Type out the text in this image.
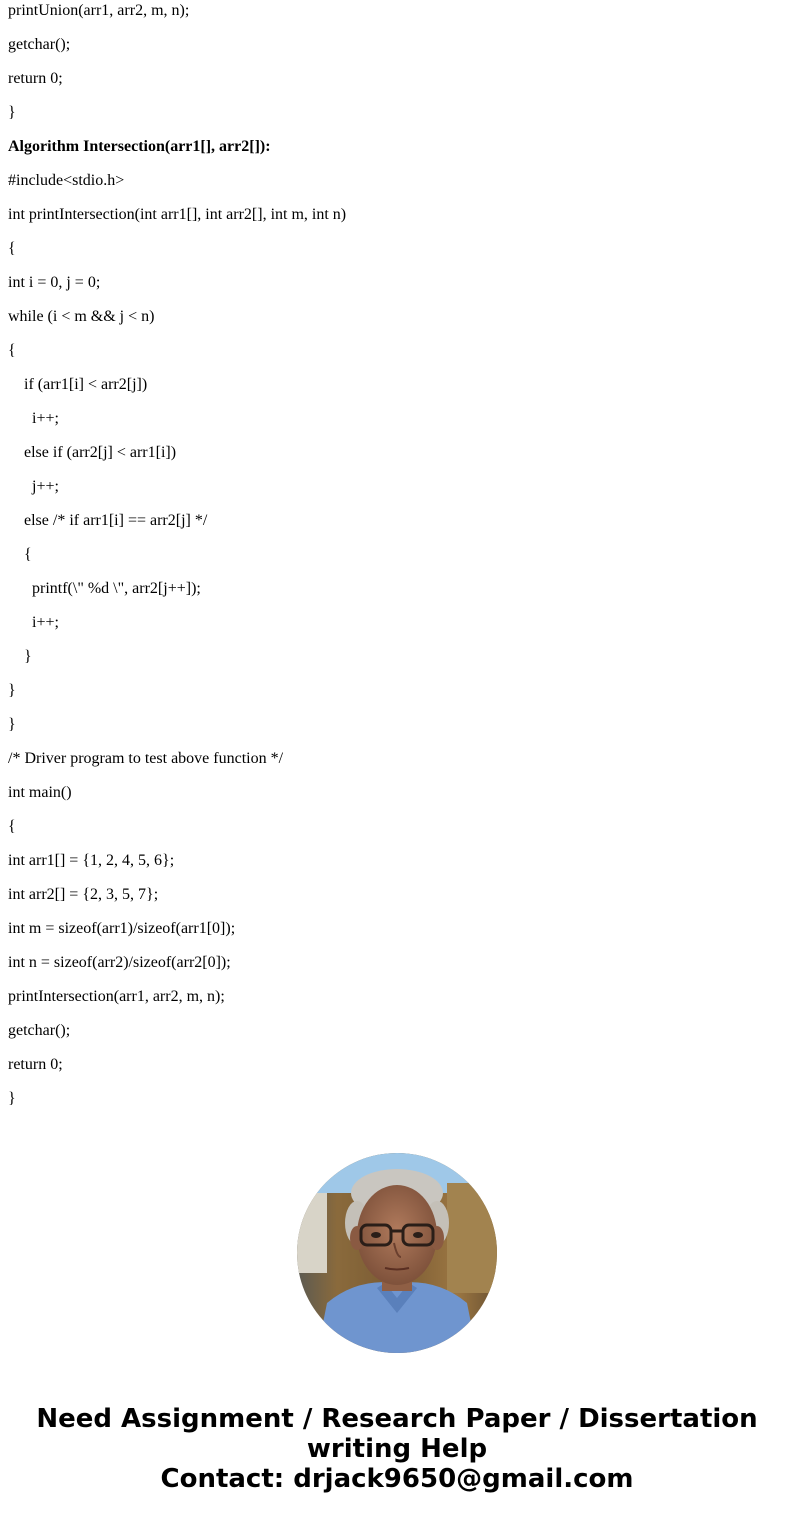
printUnion(arr1, arr2, m, n);
getchar();
return 0;
}
Algorithm Intersection(arr1[], arr2[]):
#include<stdio.h>
int printIntersection(int arr1[], int arr2[], int m, int n)
{
int i = 0, j = 0;
while (i < m && j < n)
{
if (arr1[i] < arr2[j])
i++;
else if (arr2[j] < arr1[i])
j++;
else /* if arr1[i] == arr2[j] */
{
printf(\" %d \", arr2[j++]);
i++;
}
}
}
/* Driver program to test above function */
int main()
{
int arr1[] = {1, 2, 4, 5, 6};
int arr2[] = {2, 3, 5, 7};
int m = sizeof(arr1)/sizeof(arr1[0]);
int n = sizeof(arr2)/sizeof(arr2[0]);
printIntersection(arr1, arr2, m, n);
getchar();
return 0;
}
Need Assignment / Research Paper / Dissertation
writing Help
Contact: drjack9650@gmail.com
